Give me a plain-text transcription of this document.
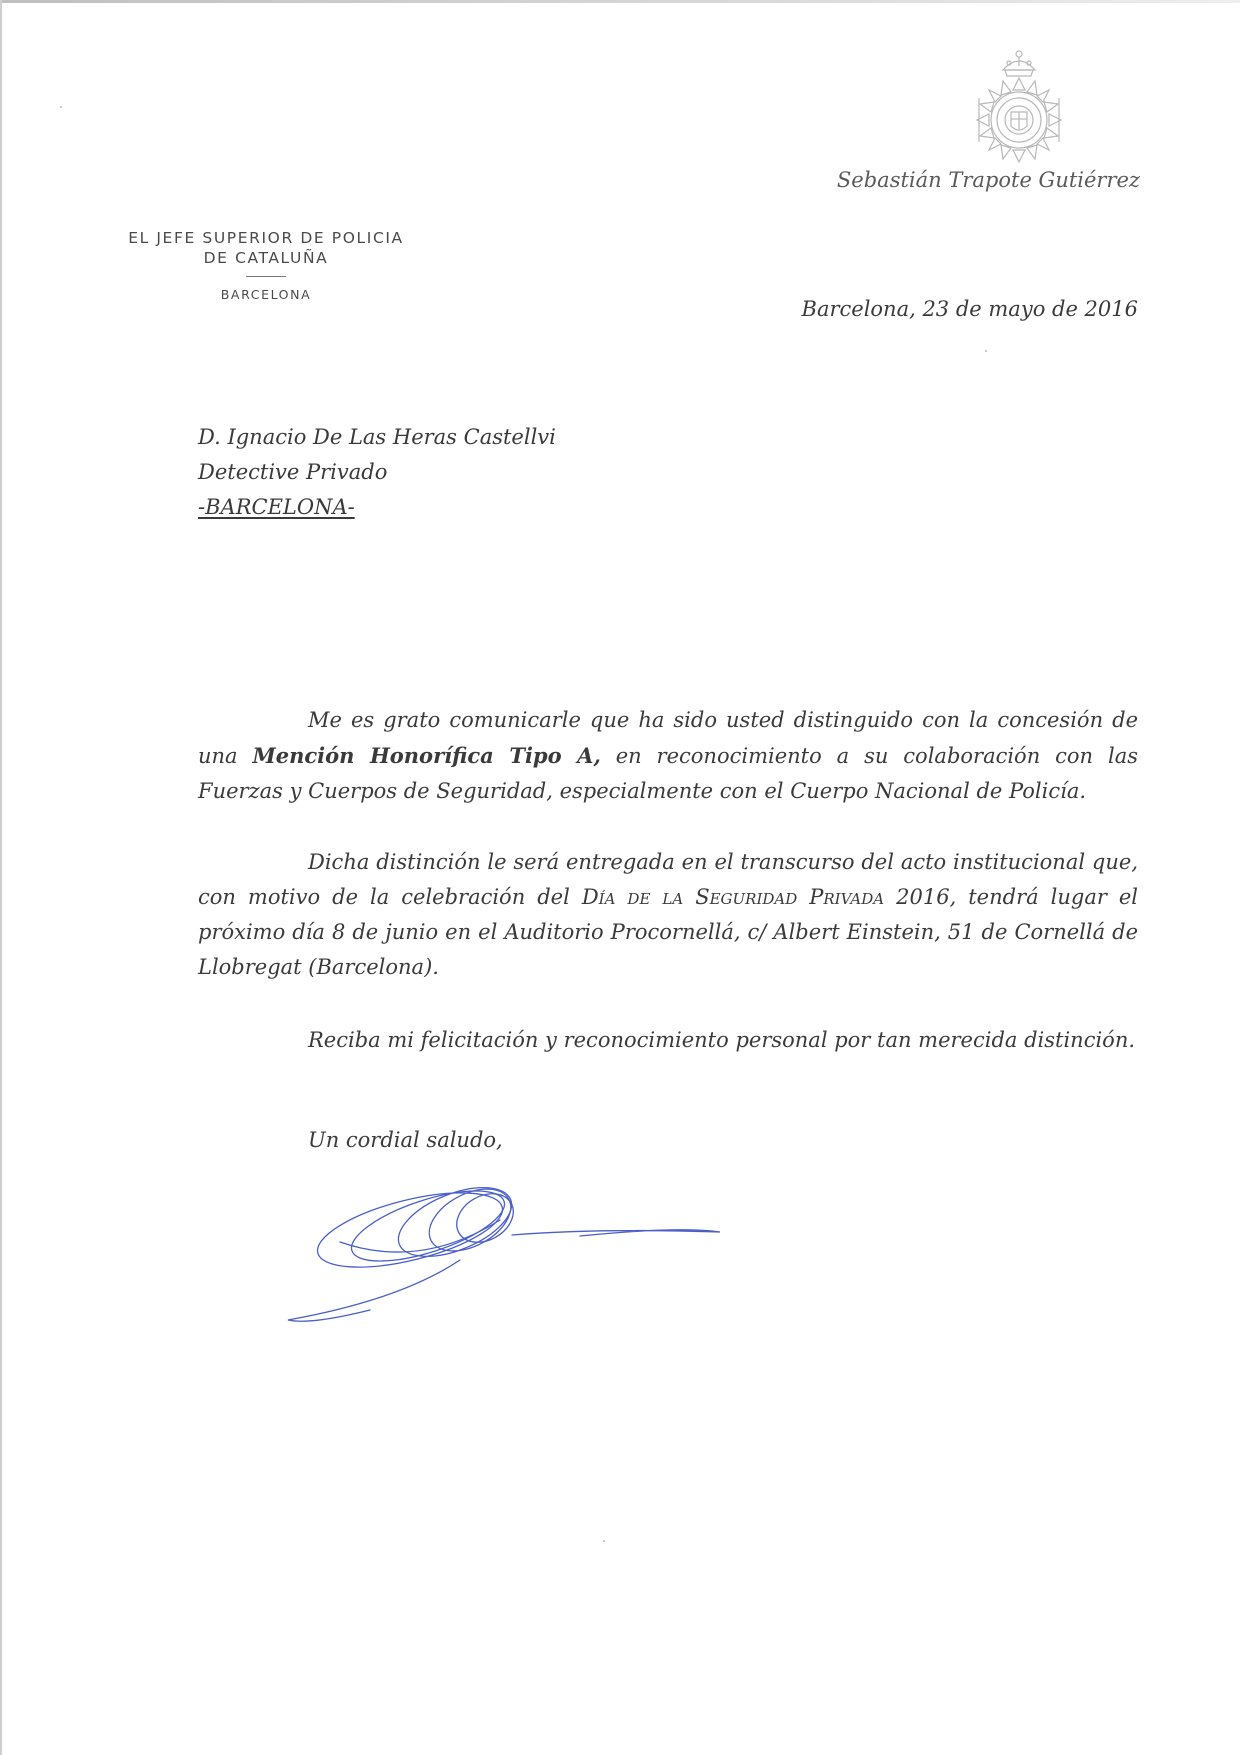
Sebastián Trapote Gutiérrez
EL JEFE SUPERIOR DE POLICIA
DE CATALUÑA
BARCELONA
Barcelona, 23 de mayo de 2016
D. Ignacio De Las Heras Castellvi
Detective Privado
-BARCELONA-
Me es grato comunicarle que ha sido usted distinguido con la concesión de una Mención Honorífica Tipo A, en reconocimiento a su colaboración con las Fuerzas y Cuerpos de Seguridad, especialmente con el Cuerpo Nacional de Policía.
Dicha distinción le será entregada en el transcurso del acto institucional que, con motivo de la celebración del Día de la Seguridad Privada 2016, tendrá lugar el próximo día 8 de junio en el Auditorio Procornellá, c/ Albert Einstein, 51 de Cornellá de Llobregat (Barcelona).
Reciba mi felicitación y reconocimiento personal por tan merecida distinción.
Un cordial saludo,
